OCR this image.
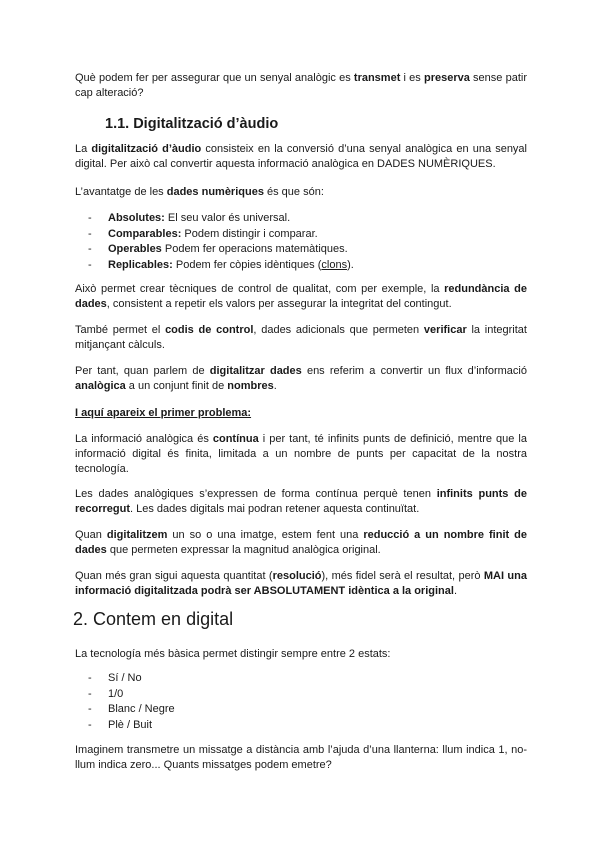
Què podem fer per assegurar que un senyal analògic es transmet i es preserva sense patir cap alteració?

1.1. Digitalització d’àudio

La digitalització d’àudio consisteix en la conversió d’una senyal analògica en una senyal digital. Per això cal convertir aquesta informació analògica en DADES NUMÈRIQUES.

L’avantatge de les dades numèriques és que són:

- Absolutes: El seu valor és universal.
- Comparables: Podem distingir i comparar.
- Operables Podem fer operacions matemàtiques.
- Replicables: Podem fer còpies idèntiques (clons).

Això permet crear tècniques de control de qualitat, com per exemple, la redundància de dades, consistent a repetir els valors per assegurar la integritat del contingut.

També permet el codis de control, dades adicionals que permeten verificar la integritat mitjançant càlculs.

Per tant, quan parlem de digitalitzar dades ens referim a convertir un flux d’informació analògica a un conjunt finit de nombres.

I aquí apareix el primer problema:

La informació analògica és contínua i per tant, té infinits punts de definició, mentre que la informació digital és finita, limitada a un nombre de punts per capacitat de la nostra tecnología.

Les dades analògiques s’expressen de forma contínua perquè tenen infinits punts de recorregut. Les dades digitals mai podran retener aquesta continuïtat.

Quan digitalitzem un so o una imatge, estem fent una reducció a un nombre finit de dades que permeten expressar la magnitud analògica original.

Quan més gran sigui aquesta quantitat (resolució), més fidel serà el resultat, però MAI una informació digitalitzada podrà ser ABSOLUTAMENT idèntica a la original.

2. Contem en digital

La tecnología més bàsica permet distingir sempre entre 2 estats:

- Sí / No
- 1/0
- Blanc / Negre
- Plè / Buit

Imaginem transmetre un missatge a distància amb l’ajuda d’una llanterna: llum indica 1, no-llum indica zero... Quants missatges podem emetre?
